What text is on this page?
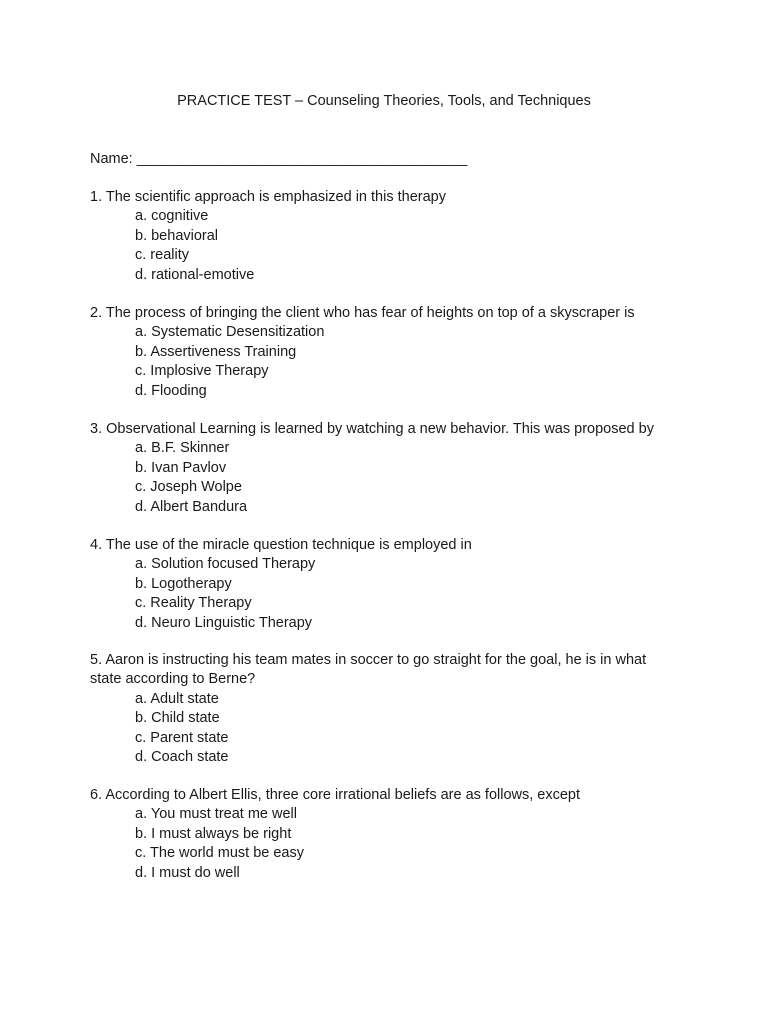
PRACTICE TEST – Counseling Theories, Tools, and Techniques
Name: _________________________________________
1. The scientific approach is emphasized in this therapy
a. cognitive
b. behavioral
c. reality
d. rational-emotive
2. The process of bringing the client who has fear of heights on top of a skyscraper is
a. Systematic Desensitization
b. Assertiveness Training
c. Implosive Therapy
d. Flooding
3. Observational Learning is learned by watching a new behavior. This was proposed by
a. B.F. Skinner
b. Ivan Pavlov
c. Joseph Wolpe
d. Albert Bandura
4. The use of the miracle question technique is employed in
a. Solution focused Therapy
b. Logotherapy
c. Reality Therapy
d. Neuro Linguistic Therapy
5. Aaron is instructing his team mates in soccer to go straight for the goal, he is in what
state according to Berne?
a. Adult state
b. Child state
c. Parent state
d. Coach state
6. According to Albert Ellis, three core irrational beliefs are as follows, except
a. You must treat me well
b. I must always be right
c. The world must be easy
d. I must do well
